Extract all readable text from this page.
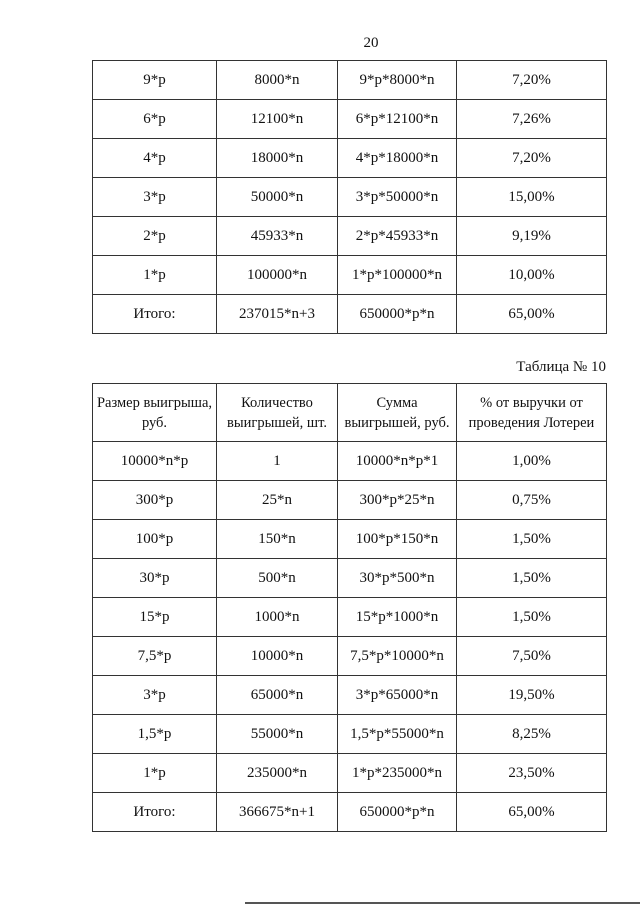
20
9*p	8000*n	9*p*8000*n	7,20%
6*p	12100*n	6*p*12100*n	7,26%
4*p	18000*n	4*p*18000*n	7,20%
3*p	50000*n	3*p*50000*n	15,00%
2*p	45933*n	2*p*45933*n	9,19%
1*p	100000*n	1*p*100000*n	10,00%
Итого:	237015*n+3	650000*p*n	65,00%
Таблица № 10
Размер выигрыша, руб.	Количество выигрышей, шт.	Сумма выигрышей, руб.	% от выручки от проведения Лотереи
10000*n*p	1	10000*n*p*1	1,00%
300*p	25*n	300*p*25*n	0,75%
100*p	150*n	100*p*150*n	1,50%
30*p	500*n	30*p*500*n	1,50%
15*p	1000*n	15*p*1000*n	1,50%
7,5*p	10000*n	7,5*p*10000*n	7,50%
3*p	65000*n	3*p*65000*n	19,50%
1,5*p	55000*n	1,5*p*55000*n	8,25%
1*p	235000*n	1*p*235000*n	23,50%
Итого:	366675*n+1	650000*p*n	65,00%
